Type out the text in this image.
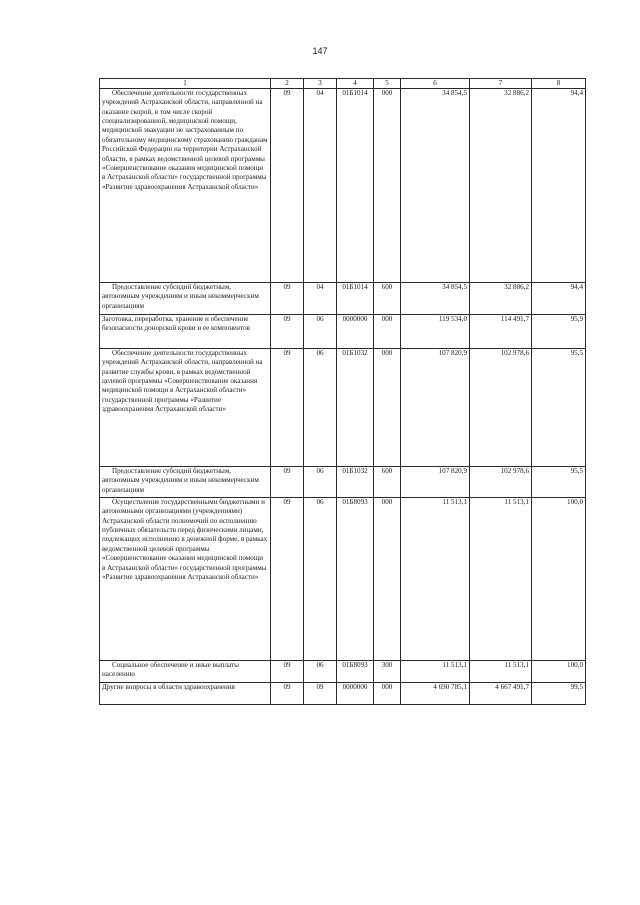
147
1	2	3	4	5	6	7	8
Обеспечение деятельности государственных учреждений Астраханской области, направленной на оказание скорой, в том числе скорой специализированной, медицинской помощи, медицинской эвакуации не застрахованным по обязательному медицинскому страхованию гражданам Российской Федерации на территории Астраханской области, в рамках ведомственной целевой программы «Совершенствование оказания медицинской помощи в Астраханской области» государственной программы «Развитие здравоохранения Астраханской области»	09	04	01Б1014	000	34 854,5	32 886,2	94,4
Предоставление субсидий бюджетным, автономным учреждениям и иным некоммерческим организациям	09	04	01Б1014	600	34 854,5	32 886,2	94,4
Заготовка, переработка, хранение и обеспечение безопасности донорской крови и ее компонентов	09	06	0000000	000	119 534,0	114 491,7	95,9
Обеспечение деятельности государственных учреждений Астраханской области, направленной на развитие службы крови, в рамках ведомственной целевой программы «Совершенствование оказания медицинской помощи в Астраханской области» государственной программы «Развитие здравоохранения Астраханской области»	09	06	01Б1032	000	107 820,9	102 978,6	95,5
Предоставление субсидий бюджетным, автономным учреждениям и иным некоммерческим организациям	09	06	01Б1032	600	107 820,9	102 978,6	95,5
Осуществление государственными бюджетными и автономными организациями (учреждениями) Астраханской области полномочий по исполнению публичных обязательств перед физическими лицами, подлежащих исполнению в денежной форме, в рамках ведомственной целевой программы «Совершенствование оказания медицинской помощи в Астраханской области» государственной программы «Развитие здравоохранения Астраханской области»	09	06	01Б8093	000	11 513,1	11 513,1	100,0
Социальное обеспечение и иные выплаты населению	09	06	01Б8093	300	11 513,1	11 513,1	100,0
Другие вопросы в области здравоохранения	09	09	0000000	000	4 690 785,1	4 667 491,7	99,5
